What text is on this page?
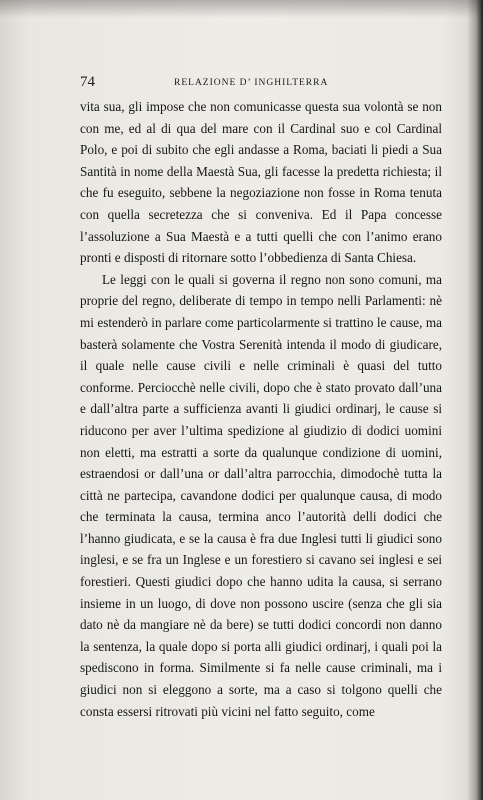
74	RELAZIONE D’ INGHILTERRA

vita sua, gli impose che non comunicasse questa sua volontà se non con me, ed al di qua del mare con il Cardinal suo e col Cardinal Polo, e poi di subito che egli andasse a Roma, baciati li piedi a Sua Santità in nome della Maestà Sua, gli facesse la predetta richiesta; il che fu eseguito, sebbene la negoziazione non fosse in Roma tenuta con quella secretezza che si conveniva. Ed il Papa concesse l’assoluzione a Sua Maestà e a tutti quelli che con l’animo erano pronti e disposti di ritornare sotto l’obbedienza di Santa Chiesa.

Le leggi con le quali si governa il regno non sono comuni, ma proprie del regno, deliberate di tempo in tempo nelli Parlamenti: nè mi estenderò in parlare come particolarmente si trattino le cause, ma basterà solamente che Vostra Serenità intenda il modo di giudicare, il quale nelle cause civili e nelle criminali è quasi del tutto conforme. Perciocchè nelle civili, dopo che è stato provato dall’una e dall’altra parte a sufficienza avanti li giudici ordinarj, le cause si riducono per aver l’ultima spedizione al giudizio di dodici uomini non eletti, ma estratti a sorte da qualunque condizione di uomini, estraendosi or dall’una or dall’altra parrocchia, dimodochè tutta la città ne partecipa, cavandone dodici per qualunque causa, di modo che terminata la causa, termina anco l’autorità delli dodici che l’hanno giudicata, e se la causa è fra due Inglesi tutti li giudici sono inglesi, e se fra un Inglese e un forestiero si cavano sei inglesi e sei forestieri. Questi giudici dopo che hanno udita la causa, si serrano insieme in un luogo, di dove non possono uscire (senza che gli sia dato nè da mangiare nè da bere) se tutti dodici concordi non danno la sentenza, la quale dopo si porta alli giudici ordinarj, i quali poi la spediscono in forma. Similmente si fa nelle cause criminali, ma i giudici non si eleggono a sorte, ma a caso si tolgono quelli che consta essersi ritrovati più vicini nel fatto seguito, come
